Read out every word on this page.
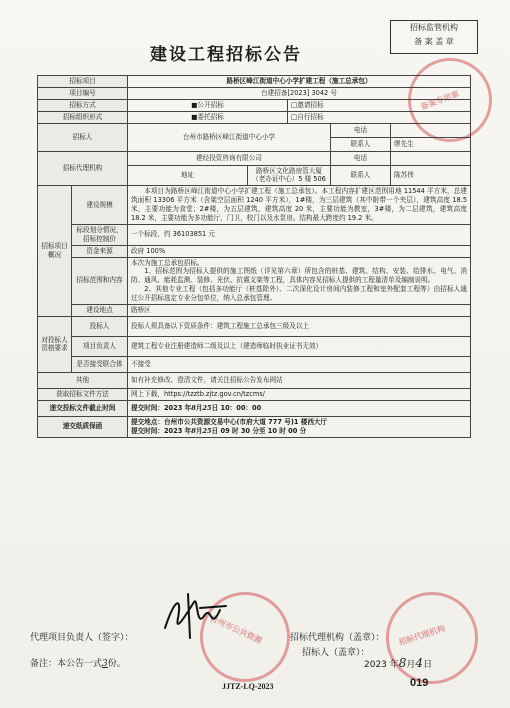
建设工程招标公告
招标监管机构
备 案 盖 章
备案专用章
招标项目		路桥区峰江街道中心小学扩建工程（施工总承包）				
项目编号		台建招备[2023] 3042 号				
招标方式		■公开招标		□邀请招标		
招标组织形式		■委托招标		□自行招标		
招标人		台州市路桥区峰江街道中心小学			电话	
					联系人	缪先生
招标代理机构		建经投资咨询有限公司			电话	
		地址	路桥区文化路房管大厦（老办证中心）5 楼 506		联系人	陈苏伟
招标项目概况	建设规模	本项目为路桥区峰江街道中心小学扩建工程（施工总承包）。本工程内容扩建区范围用地 11544 平方米，总建筑面积 13306 平方米（含架空层面积 1240 平方米），1#楼，为三层建筑（其中附带一个夹层），建筑高度 18.5 米，主要功能为食堂；2#楼，为五层建筑，建筑高度 20 米，主要功能为教室，3#楼，为二层建筑，建筑高度 18.2 米，主要功能为多功能厅，门卫，校门以及水泵房。结构最大跨度约 19.2 米。				
	标段划分情况，招标控制价	一个标段，约 36103851 元				
	资金来源	政府 100%				
	招标范围和内容	本次为施工总承包招标。
1、招标范围为招标人提供的施工图纸（详见第六章）所包含的桩基、建筑、结构、安装、给排水、电气、消防、通风、能耗监测、装修、光伏、抗震支架等工程，具体内容见招标人提供的工程量清单及编制说明。
2、其他专业工程（包括多功能厅（桩基除外）、二次深化设计房间内装修工程和室外配套工程等）由招标人通过公开招标选定专业分包单位，纳入总承包管理。				

	建设地点	路桥区				
对投标人资格要求	投标人	投标人须具备以下资质条件：建筑工程施工总承包三级及以上				
	项目负责人	建筑工程专业注册建造师二级及以上（建造师临时执业证书无效）				
	是否接受联合体	不接受				
其他		如有补充修改、澄清文件，请关注招标公告发布网站				
获取招标文件方法		网上下载，https://tzztb.zjtz.gov.cn/tzcms/				
递交投标文件截止时间		提交时间：2023 年8月25日 10：00：00				
递交纸质保函		提交地点：台州市公共资源交易中心(市府大道 777 号)1 楼西大厅
提交时间：2023 年8月25日 09 时 30 分至 10 时 00 分				
台州市公共资源	招标代理机构
代理项目负责人（签字）：
备注：本公告一式3份。
招标代理机构（盖章）：
招标人（盖章）：
2023 年8月4日
JJTZ-LQ-2023	019
